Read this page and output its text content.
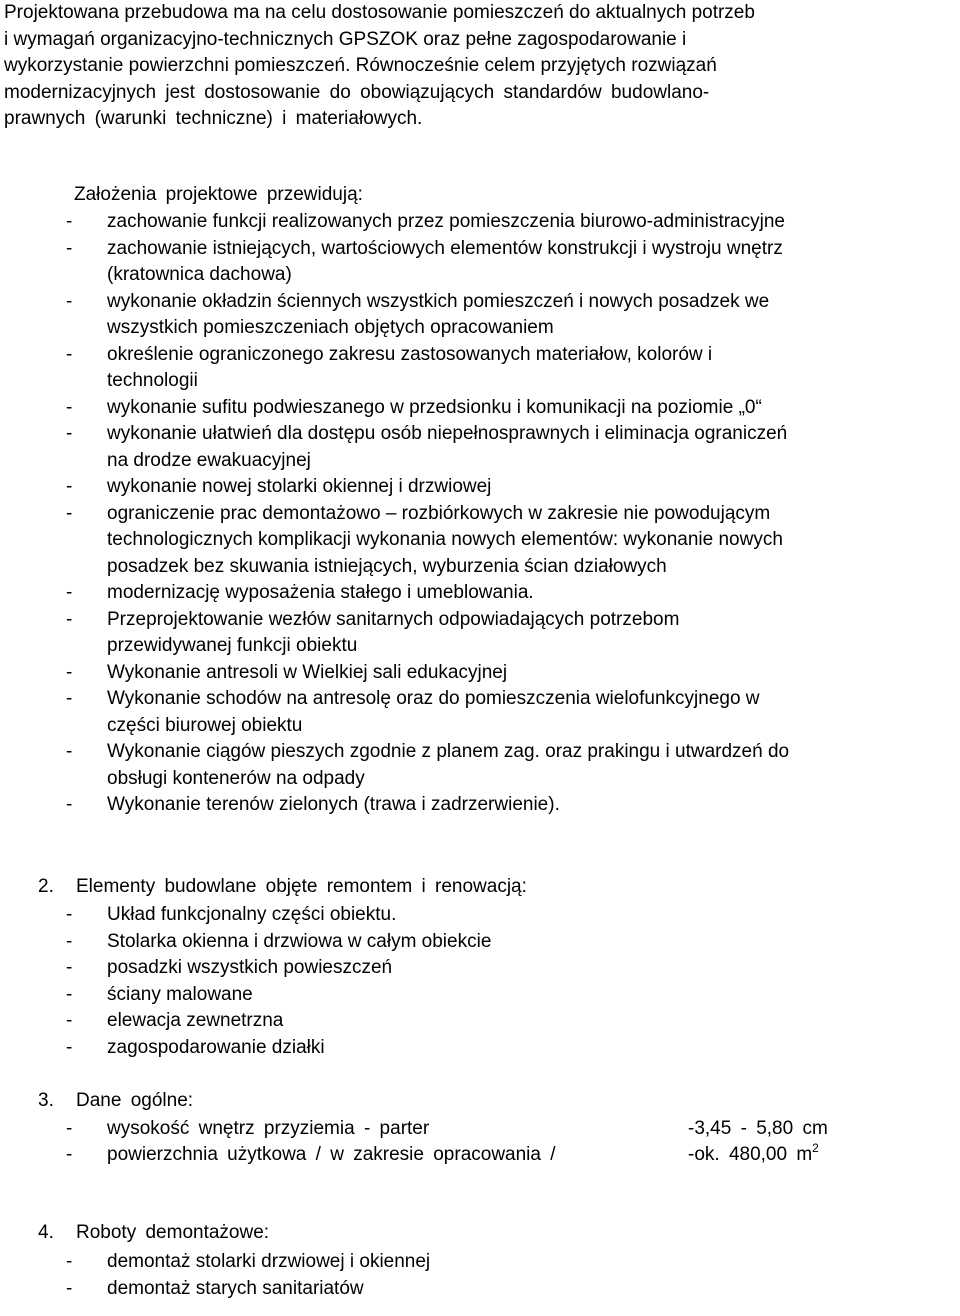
Projektowana przebudowa ma na celu dostosowanie pomieszczeń do aktualnych potrzeb
i wymagań organizacyjno-technicznych GPSZOK oraz pełne zagospodarowanie i
wykorzystanie powierzchni pomieszczeń. Równocześnie celem przyjętych rozwiązań
modernizacyjnych jest dostosowanie do obowiązujących standardów budowlano-
prawnych (warunki techniczne) i materiałowych.

Założenia projektowe przewidują:
- zachowanie funkcji realizowanych przez pomieszczenia biurowo-administracyjne
- zachowanie istniejących, wartościowych elementów konstrukcji i wystroju wnętrz
(kratownica dachowa)
- wykonanie okładzin ściennych wszystkich pomieszczeń i nowych posadzek we
wszystkich pomieszczeniach objętych opracowaniem
- określenie ograniczonego zakresu zastosowanych materiałow, kolorów i
technologii
- wykonanie sufitu podwieszanego w przedsionku i komunikacji na poziomie „0“
- wykonanie ułatwień dla dostępu osób niepełnosprawnych i eliminacja ograniczeń
na drodze ewakuacyjnej
- wykonanie nowej stolarki okiennej i drzwiowej
- ograniczenie prac demontażowo – rozbiórkowych w zakresie nie powodującym
technologicznych komplikacji wykonania nowych elementów: wykonanie nowych
posadzek bez skuwania istniejących, wyburzenia ścian działowych
- modernizację wyposażenia stałego i umeblowania.
- Przeprojektowanie wezłów sanitarnych odpowiadających potrzebom
przewidywanej funkcji obiektu
- Wykonanie antresoli w Wielkiej sali edukacyjnej
- Wykonanie schodów na antresolę oraz do pomieszczenia wielofunkcyjnego w
części biurowej obiektu
- Wykonanie ciągów pieszych zgodnie z planem zag. oraz prakingu i utwardzeń do
obsługi kontenerów na odpady
- Wykonanie terenów zielonych (trawa i zadrzerwienie).
2. Elementy budowlane objęte remontem i renowacją:
- Układ funkcjonalny części obiektu.
- Stolarka okienna i drzwiowa w całym obiekcie
- posadzki wszystkich powieszczeń
- ściany malowane
- elewacja zewnetrzna
- zagospodarowanie działki
3. Dane ogólne:
- wysokość wnętrz przyziemia - parter	-3,45 - 5,80 cm
- powierzchnia użytkowa / w zakresie opracowania /	-ok. 480,00 $m^2$
4. Roboty demontażowe:
- demontaż stolarki drzwiowej i okiennej
- demontaż starych sanitariatów
